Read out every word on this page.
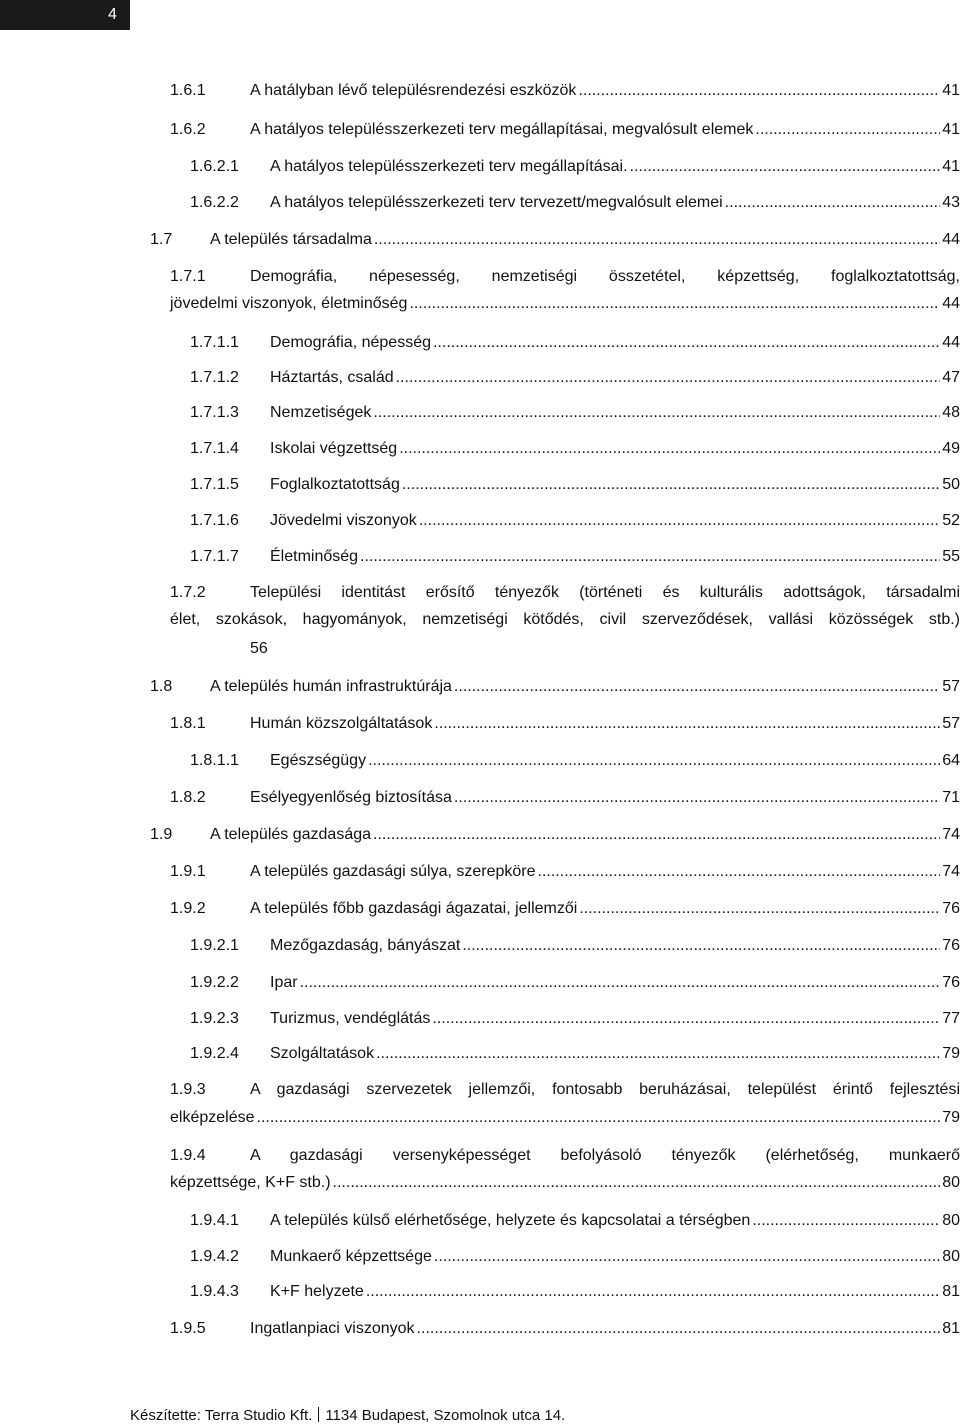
4
1.6.1	A hatályban lévő településrendezési eszközök .....	41
1.6.2	A hatályos településszerkezeti terv megállapításai, megvalósult elemek .....	41
1.6.2.1	A hatályos településszerkezeti terv megállapításai. .....	41
1.6.2.2	A hatályos településszerkezeti terv tervezett/megvalósult elemei .....	43
1.7	A település társadalma .....	44
1.7.1	Demográfia, népesesség, nemzetiségi összetétel, képzettség, foglalkoztatottság,
jövedelmi viszonyok, életminőség .....	44
1.7.1.1	Demográfia, népesség .....	44
1.7.1.2	Háztartás, család .....	47
1.7.1.3	Nemzetiségek .....	48
1.7.1.4	Iskolai végzettség .....	49
1.7.1.5	Foglalkoztatottság .....	50
1.7.1.6	Jövedelmi viszonyok .....	52
1.7.1.7	Életminőség .....	55
1.7.2	Települési identitást erősítő tényezők (történeti és kulturális adottságok, társadalmi
élet, szokások, hagyományok, nemzetiségi kötődés, civil szerveződések, vallási közösségek stb.)
56
1.8	A település humán infrastruktúrája .....	57
1.8.1	Humán közszolgáltatások .....	57
1.8.1.1	Egészségügy .....	64
1.8.2	Esélyegyenlőség biztosítása .....	71
1.9	A település gazdasága .....	74
1.9.1	A település gazdasági súlya, szerepköre .....	74
1.9.2	A település főbb gazdasági ágazatai, jellemzői .....	76
1.9.2.1	Mezőgazdaság, bányászat .....	76
1.9.2.2	Ipar .....	76
1.9.2.3	Turizmus, vendéglátás .....	77
1.9.2.4	Szolgáltatások .....	79
1.9.3	A gazdasági szervezetek jellemzői, fontosabb beruházásai, települést érintő fejlesztési
elképzelése .....	79
1.9.4	A gazdasági versenyképességet befolyásoló tényezők (elérhetőség, munkaerő
képzettsége, K+F stb.) .....	80
1.9.4.1	A település külső elérhetősége, helyzete és kapcsolatai a térségben .....	80
1.9.4.2	Munkaerő képzettsége .....	80
1.9.4.3	K+F helyzete .....	81
1.9.5	Ingatlanpiaci viszonyok .....	81
Készítette: Terra Studio Kft. 1134 Budapest, Szomolnok utca 14.
